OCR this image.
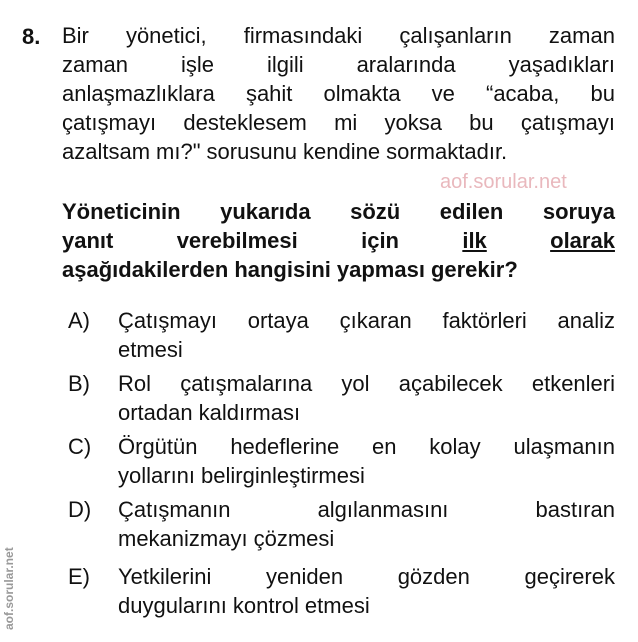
8. Bir yönetici, firmasındaki çalışanların zaman
zaman işle ilgili aralarında yaşadıkları
anlaşmazlıklara şahit olmakta ve “acaba, bu
çatışmayı desteklesem mi yoksa bu çatışmayı
azaltsam mı?" sorusunu kendine sormaktadır.
Yöneticinin yukarıda sözü edilen soruya
yanıt	verebilmesi	için	ilk	olarak
aşağıdakilerden hangisini yapması gerekir?
A) Çatışmayı ortaya çıkaran faktörleri analiz
etmesi
B) Rol çatışmalarına yol açabilecek etkenleri
ortadan kaldırması
C) Örgütün hedeflerine en kolay ulaşmanın
yollarını belirginleştirmesi
D) Çatışmanın	algılanmasını	bastıran
mekanizmayı çözmesi
E) Yetkilerini yeniden gözden geçirerek
duygularını kontrol etmesi
aof.sorular.net
aof.sorular.net
